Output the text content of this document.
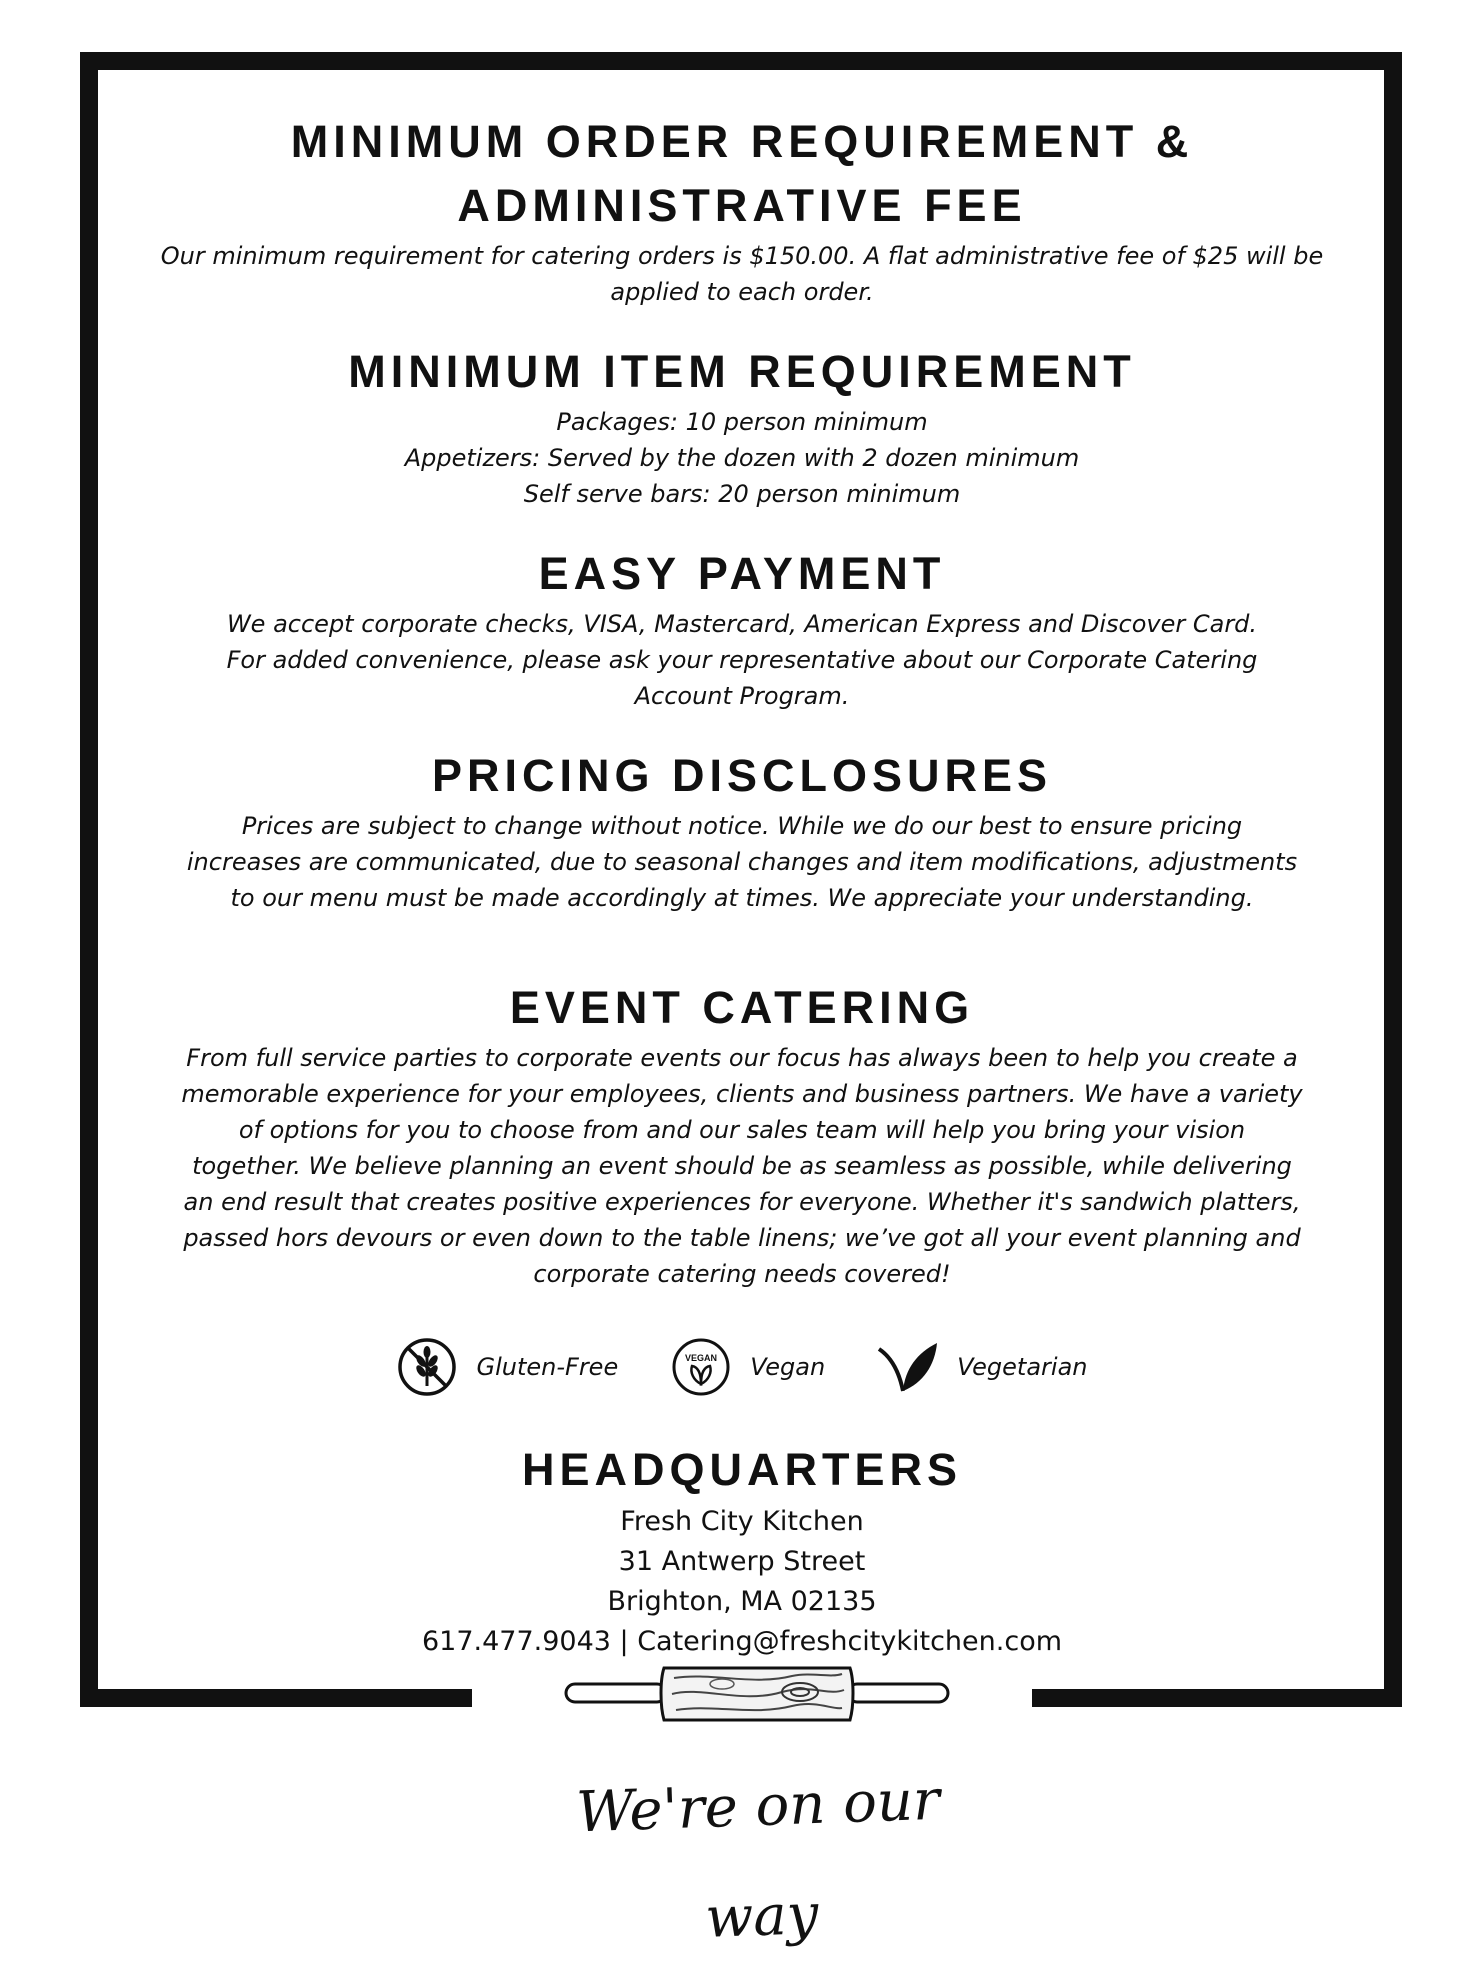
MINIMUM ORDER REQUIREMENT &
ADMINISTRATIVE FEE

Our minimum requirement for catering orders is $150.00. A flat administrative fee of $25 will be applied to each order.

MINIMUM ITEM REQUIREMENT

Packages: 10 person minimum
Appetizers: Served by the dozen with 2 dozen minimum
Self serve bars: 20 person minimum

EASY PAYMENT

We accept corporate checks, VISA, Mastercard, American Express and Discover Card.
For added convenience, please ask your representative about our Corporate Catering
Account Program.

PRICING DISCLOSURES

Prices are subject to change without notice. While we do our best to ensure pricing
increases are communicated, due to seasonal changes and item modifications, adjustments
to our menu must be made accordingly at times. We appreciate your understanding.

EVENT CATERING

From full service parties to corporate events our focus has always been to help you create a
memorable experience for your employees, clients and business partners. We have a variety
of options for you to choose from and our sales team will help you bring your vision
together. We believe planning an event should be as seamless as possible, while delivering
an end result that creates positive experiences for everyone. Whether it's sandwich platters,
passed hors devours or even down to the table linens; we’ve got all your event planning and
corporate catering needs covered!

Gluten-Free	VEGAN Vegan	Vegetarian
HEADQUARTERS
Fresh City Kitchen
31 Antwerp Street
Brighton, MA 02135
617.477.9043 | Catering@freshcitykitchen.com
We're on our way
